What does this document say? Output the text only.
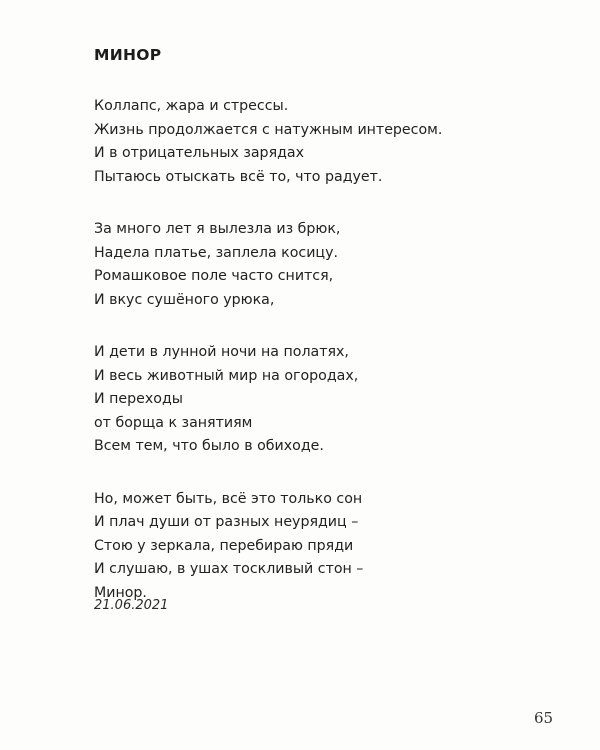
МИНОР
Коллапс, жара и стрессы.
Жизнь продолжается с натужным интересом.
И в отрицательных зарядах
Пытаюсь отыскать всё то, что радует.
За много лет я вылезла из брюк,
Надела платье, заплела косицу.
Ромашковое поле часто снится,
И вкус сушёного урюка,
И дети в лунной ночи на полатях,
И весь животный мир на огородах,
И переходы
от борща к занятиям
Всем тем, что было в обиходе.
Но, может быть, всё это только сон
И плач души от разных неурядиц –
Стою у зеркала, перебираю пряди
И слушаю, в ушах тоскливый стон –
Минор.
21.06.2021
65
